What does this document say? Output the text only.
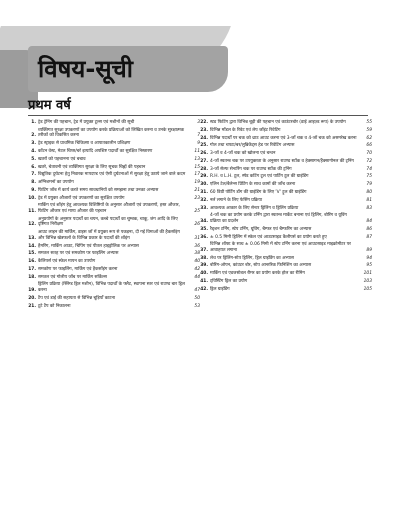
विषय-सूची
प्रथम वर्ष
1. ट्रेड ट्रेनिंग की पहचान, ट्रेड में प्रयुक्त टूल्स एवं मशीनों की सूची	3
2.
व्यक्तिगत सुरक्षा उपकरणों का उपयोग करके प्रक्रियाओं को लिखित करना व उनके सुरक्षात्मक तरीकों को विकसित करना	7
3. ट्रेड स्ट्राइक से प्राथमिक चिकित्सा व आपातकालीन प्रशिक्षण	9
4. कॉटन वेस्ट, मेटल चिप्स/बर्र इत्यादि अपशिष्ट पदार्थों का सुरक्षित निस्तारण	11
5. खतरों को पहचानना एवं बचाव	13
6. खतरे, चेतावनी एवं व्यक्तिगत सुरक्षा के लिए सूचक चिह्नों की पहचान	15
7. विद्युतिक दुर्घटना हेतु निवारक मापदण्ड एवं ऐसी दुर्घटनाओं में सुरक्षा हेतु उठाये जाने वाले कदम	17
8. अग्निशमनों का उपयोग	19
9. फिटिंग जॉब में कार्य करते समय सावधानियों को समझना तथा उनका अभ्यास	21
10. ट्रेड में प्रयुक्त औजारों एवं उपकरणों का सुरक्षित उपयोग	23
11.
मार्किंग एवं शॉइंग हेतु आवश्यक विशिष्टियों के अनुसार औजारों एवं उपकरणों, हस्त औजार, फिटिंग औजार एवं माप्य औजार की पहचान	25
12.
अनुप्रयोगों के अनुसार पदार्थों का चयन, कच्चे पदार्थों का चुम्बक, चाकू, जंग आदि के लिए दृष्टिगत निरीक्षण	26
13.
आउट लाइन की मार्किंग, डाइस जॉ में प्रयुक्त रूप से पकड़ना, दी गई विमाओं की हैकसॉइंग और विभिन्न खेत्रफलों के विभिन्न प्रकार के पदार्थों की शॉइंग	31
14. हैमरिंग, मार्किंग आउट, चिपिंग एवं पीतल हाइड्रोलिक पर अभ्यास	36
15. समतल सतह पर एवं समकोण पर फाइलिंग अभ्यास	38
16. कैलिपर्स एवं स्केल मापन का उपयोग	40
17. समकोण पर फाइलिंग, मार्किंग एवं हैकसॉइंग करना	42
18. समतल एवं गोलीय जॉब पर मार्किंग सर्किल्स	44
19.
ड्रिलिंग प्रक्रिया (स्लिंग्ड ड्रिल मशीन), विभिन्न पदार्थों के फ्लैट, स्थापना स्तर एवं राउण्ड बार ड्रिल करना	47
20. टैप एवं डाई की सहायता से विभिन्न चूड़ियाँ काटना	50
21. टूटे टैप को निकालना	53
22. स्टड फिटिंग द्वारा विभिन्न चूड़ी की पहचान एवं काउंटरबोर (डाई आइज़्ड रूप) के उपयोग	55
23. विभिन्न मॉडल के रिवेट एवं लेप जॉइंट रिवेटिंग	59
24. विभिन्न पदार्थों पर चक को थ्राउ आउट करना एवं 3-जॉ चक व 4-जॉ चक को असमरेख करना	62
25. गोल तथा चपटा/बर/लुब्रिकेंट्स हेड पर रिवेटिंग अभ्यास	66
26. 3-जॉ व 4-जॉ चक को खोलना एवं बन्धन	70
27. 4-जॉ स्वतन्त्र चक पर उपयुक्तता के अनुसार राउण्ड स्टॉक व हेक्सागन/हैक्सागोनल की ट्रनिंग	72
28. 3-जॉ सेल्फ सेन्टरिंग चक पर राउण्ड स्टॉक की ट्रनिंग	74
29. R.H. व L.H. टूल, स्पेड कटिंग टूल एवं पार्टिंग टूल की ग्राइंडिंग	75
30. एलिन टेल/बैलेन्स प्रिंटिंग के साथ कामों की जाँच करना	79
31. 60 डिग्री पोर्टिंग डॉग की ग्राइंडिंग के लिए 'V' ट्रूल की ग्राइंडिंग	80
32. नर्ल लगाने के लिए फेसिंग प्रक्रिया	81
33. आवश्यक आकार के लिए सेन्टर ड्रिलिंग व ड्रिलिंग प्रक्रिया	83
34.
4-जॉ चक का प्रयोग करके टर्निंग द्वारा स्वतन्त्र मार्केट बनाना एवं ड्रिलिंग, बोरिंग व ग्रूविंग प्रक्रिया का प्रदर्शन	84
35. रैड्शन टर्निंग, स्टेप टर्निंग, ग्रूविंग, चैम्फर एवं चैम्फरिंग का अभ्यास	86
36. ± 0.5 मिमी ड्रिलिंग में स्केल एवं आउटसाइड कैलीपर्स का प्रयोग करते हुए	87
37.
विभिन्न शॉफ्ट के साथ ± 0.06 मिमी में स्टेप टर्निंग करना एवं आउटसाइड माइक्रोमीटर पर आवाहयत लगाना	89
38. लेथ पर ड्रिलिंग-स्टेप ड्रिलिंग, ड्रिल ग्राइंडिंग का अभ्यास	94
39. बोरिंग-ओपन, कांउटर बोर, स्टेप आन्तरिक फिनिशिंग का अभ्यास	95
40. मार्किंग एवं एडजस्टेबल रीमर का प्रयोग करके होल का रीमिंग	101
41. ट्विस्टिंग ड्रिल का प्रयोग	103
42. ड्रिल ग्राइंडिंग	105
